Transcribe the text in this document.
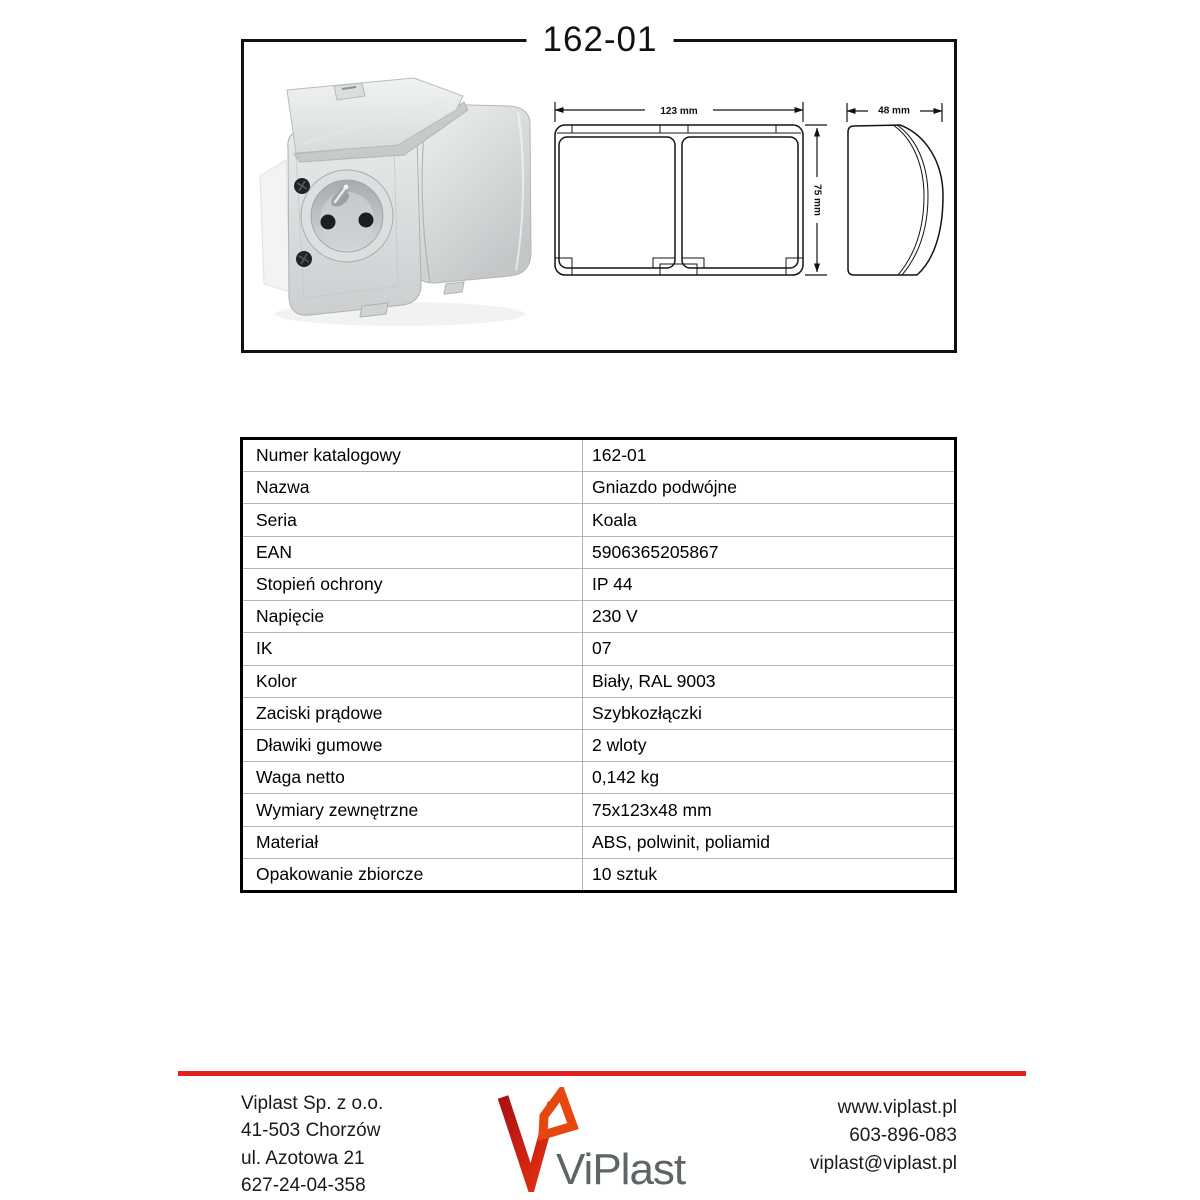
162-01
123 mm
75 mm
48 mm
Numer katalogowy	162-01
Nazwa	Gniazdo podwójne
Seria	Koala
EAN	5906365205867
Stopień ochrony	IP 44
Napięcie	230 V
IK	07
Kolor	Biały, RAL 9003
Zaciski prądowe	Szybkozłączki
Dławiki gumowe	2 wloty
Waga netto	0,142 kg
Wymiary zewnętrzne	75x123x48 mm
Materiał	ABS, polwinit, poliamid
Opakowanie zbiorcze	10 sztuk
Viplast Sp. z o.o.
41-503 Chorzów
ul. Azotowa 21
627-24-04-358	ViPlast
www.viplast.pl
603-896-083
viplast@viplast.pl
